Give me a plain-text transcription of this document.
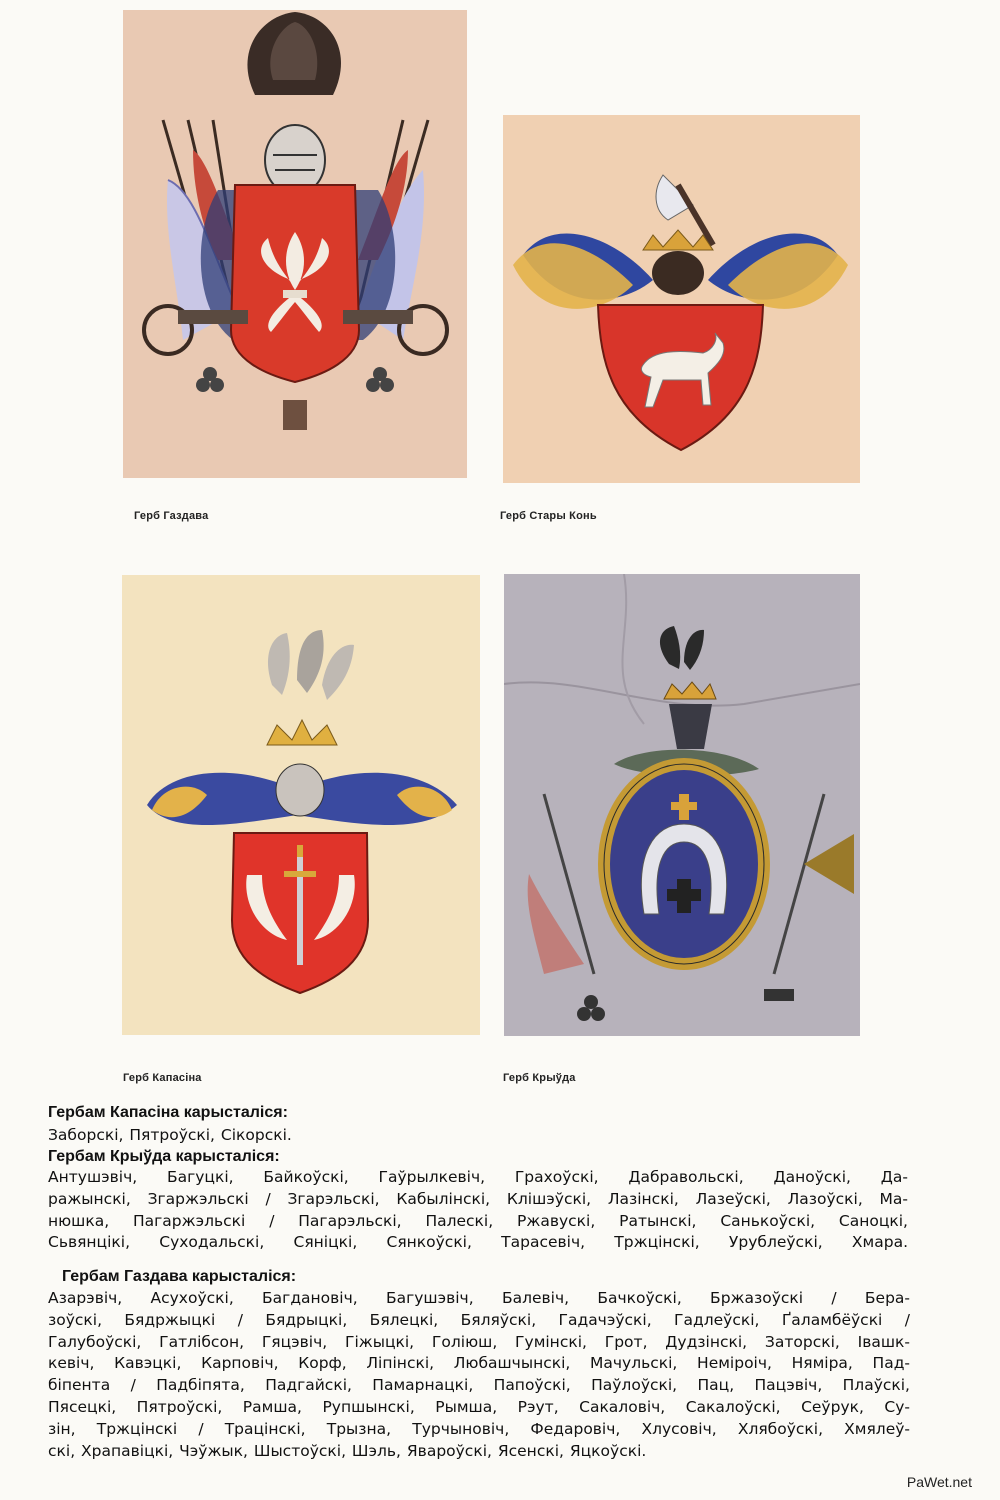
Герб Газдава	Герб Стары Конь
Герб Капасіна	Герб Крыўда
Гербам Капасіна карысталіся:
Заборскі, Пятроўскі, Сікорскі.
Гербам Крыўда карысталіся:
Антушэвіч, Багуцкі, Байкоўскі, Гаўрылкевіч, Грахоўскі, Дабравольскі, Даноўскі, Да-
ражынскі, Згаржэльскі / Згарэльскі, Кабылінскі, Клішэўскі, Лазінскі, Лазеўскі, Лазоўскі, Ма-
нюшка, Пагаржэльскі / Пагарэльскі, Палескі, Ржавускі, Ратынскі, Санькоўскі, Саноцкі,
Сьвянцікі, Суходальскі, Сяніцкі, Сянкоўскі, Тарасевіч, Тржцінскі, Урублеўскі, Хмара.
Гербам Газдава карысталіся:
Азарэвіч, Асухоўскі, Багдановіч, Багушэвіч, Балевіч, Бачкоўскі, Бржазоўскі / Бера-
зоўскі, Бядржыцкі / Бядрыцкі, Бялецкі, Бяляўскі, Гадачэўскі, Гадлеўскі, Ґаламбёўскі /
Галубоўскі, Гатлібсон, Гяцэвіч, Гіжыцкі, Голіюш, Гумінскі, Грот, Дудзінскі, Заторскі, Івашк-
кевіч, Кавэцкі, Карповіч, Корф, Ліпінскі, Любашчынскі, Мачульскі, Неміроіч, Няміра, Пад-
біпента / Падбіпята, Падгайскі, Памарнацкі, Папоўскі, Паўлоўскі, Пац, Пацэвіч, Плаўскі,
Пясецкі, Пятроўскі, Рамша, Рупшынскі, Рымша, Рэут, Сакаловіч, Сакалоўскі, Сеўрук, Су-
зін, Тржцінскі / Трацінскі, Трызна, Турчыновіч, Федаровіч, Хлусовіч, Хлябоўскі, Хмялеў-
скі, Храпавіцкі, Чэўжык, Шыстоўскі, Шэль, Яварoўскі, Ясенскі, Яцкоўскі.
PaWet.net
